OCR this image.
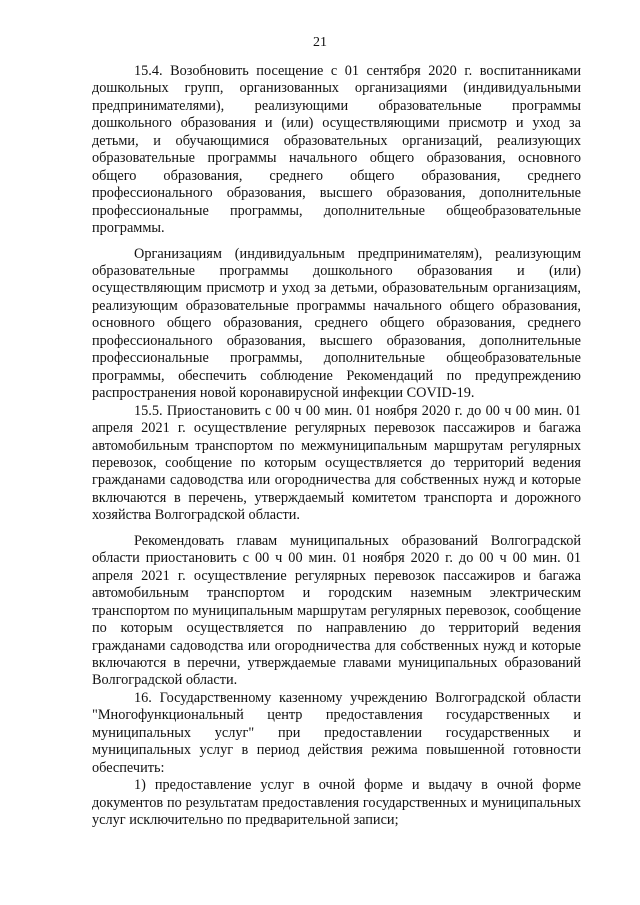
21

15.4. Возобновить посещение с 01 сентября 2020 г. воспитанниками дошкольных групп, организованных организациями (индивидуальными предпринимателями), реализующими образовательные программы дошкольного образования и (или) осуществляющими присмотр и уход за детьми, и обучающимися образовательных организаций, реализующих образовательные программы начального общего образования, основного общего образования, среднего общего образования, среднего профессионального образования, высшего образования, дополнительные профессиональные программы, дополнительные общеобразовательные программы.

Организациям (индивидуальным предпринимателям), реализующим образовательные программы дошкольного образования и (или) осуществляющим присмотр и уход за детьми, образовательным организациям, реализующим образовательные программы начального общего образования, основного общего образования, среднего общего образования, среднего профессионального образования, высшего образования, дополнительные профессиональные программы, дополнительные общеобразовательные программы, обеспечить соблюдение Рекомендаций по предупреждению распространения новой коронавирусной инфекции COVID-19.

15.5. Приостановить с 00 ч 00 мин. 01 ноября 2020 г. до 00 ч 00 мин. 01 апреля 2021 г. осуществление регулярных перевозок пассажиров и багажа автомобильным транспортом по межмуниципальным маршрутам регулярных перевозок, сообщение по которым осуществляется до территорий ведения гражданами садоводства или огородничества для собственных нужд и которые включаются в перечень, утверждаемый комитетом транспорта и дорожного хозяйства Волгоградской области.

Рекомендовать главам муниципальных образований Волгоградской области приостановить с 00 ч 00 мин. 01 ноября 2020 г. до 00 ч 00 мин. 01 апреля 2021 г. осуществление регулярных перевозок пассажиров и багажа автомобильным транспортом и городским наземным электрическим транспортом по муниципальным маршрутам регулярных перевозок, сообщение по которым осуществляется по направлению до территорий ведения гражданами садоводства или огородничества для собственных нужд и которые включаются в перечни, утверждаемые главами муниципальных образований Волгоградской области.

16. Государственному казенному учреждению Волгоградской области "Многофункциональный центр предоставления государственных и муниципальных услуг" при предоставлении государственных и муниципальных услуг в период действия режима повышенной готовности обеспечить:

1) предоставление услуг в очной форме и выдачу в очной форме документов по результатам предоставления государственных и муниципальных услуг исключительно по предварительной записи;
